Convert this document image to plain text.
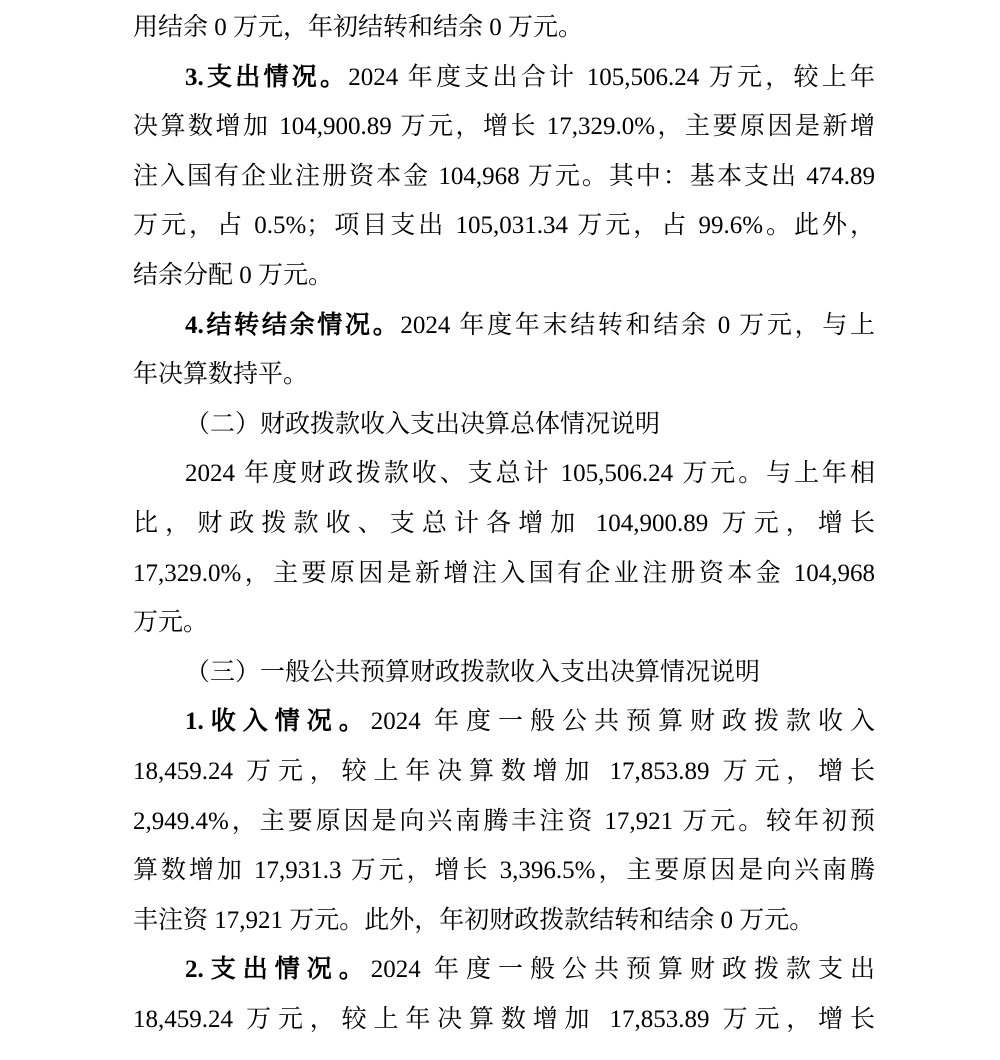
用结余 0 万元，年初结转和结余 0 万元。
3.支出情况。2024 年度支出合计 105,506.24 万元，较上年
决算数增加 104,900.89 万元，增长 17,329.0%，主要原因是新增
注入国有企业注册资本金 104,968 万元。其中：基本支出 474.89
万元，占 0.5%；项目支出 105,031.34 万元，占 99.6%。此外，
结余分配 0 万元。
4.结转结余情况。2024 年度年末结转和结余 0 万元，与上
年决算数持平。
（二）财政拨款收入支出决算总体情况说明
2024 年度财政拨款收、支总计 105,506.24 万元。与上年相
比，财政拨款收、支总计各增加 104,900.89 万元，增长
17,329.0%，主要原因是新增注入国有企业注册资本金 104,968
万元。
（三）一般公共预算财政拨款收入支出决算情况说明
1.收入情况。2024 年度一般公共预算财政拨款收入
18,459.24 万元，较上年决算数增加 17,853.89 万元，增长
2,949.4%，主要原因是向兴南腾丰注资 17,921 万元。较年初预
算数增加 17,931.3 万元，增长 3,396.5%，主要原因是向兴南腾
丰注资 17,921 万元。此外，年初财政拨款结转和结余 0 万元。
2.支出情况。2024 年度一般公共预算财政拨款支出
18,459.24 万元，较上年决算数增加 17,853.89 万元，增长
